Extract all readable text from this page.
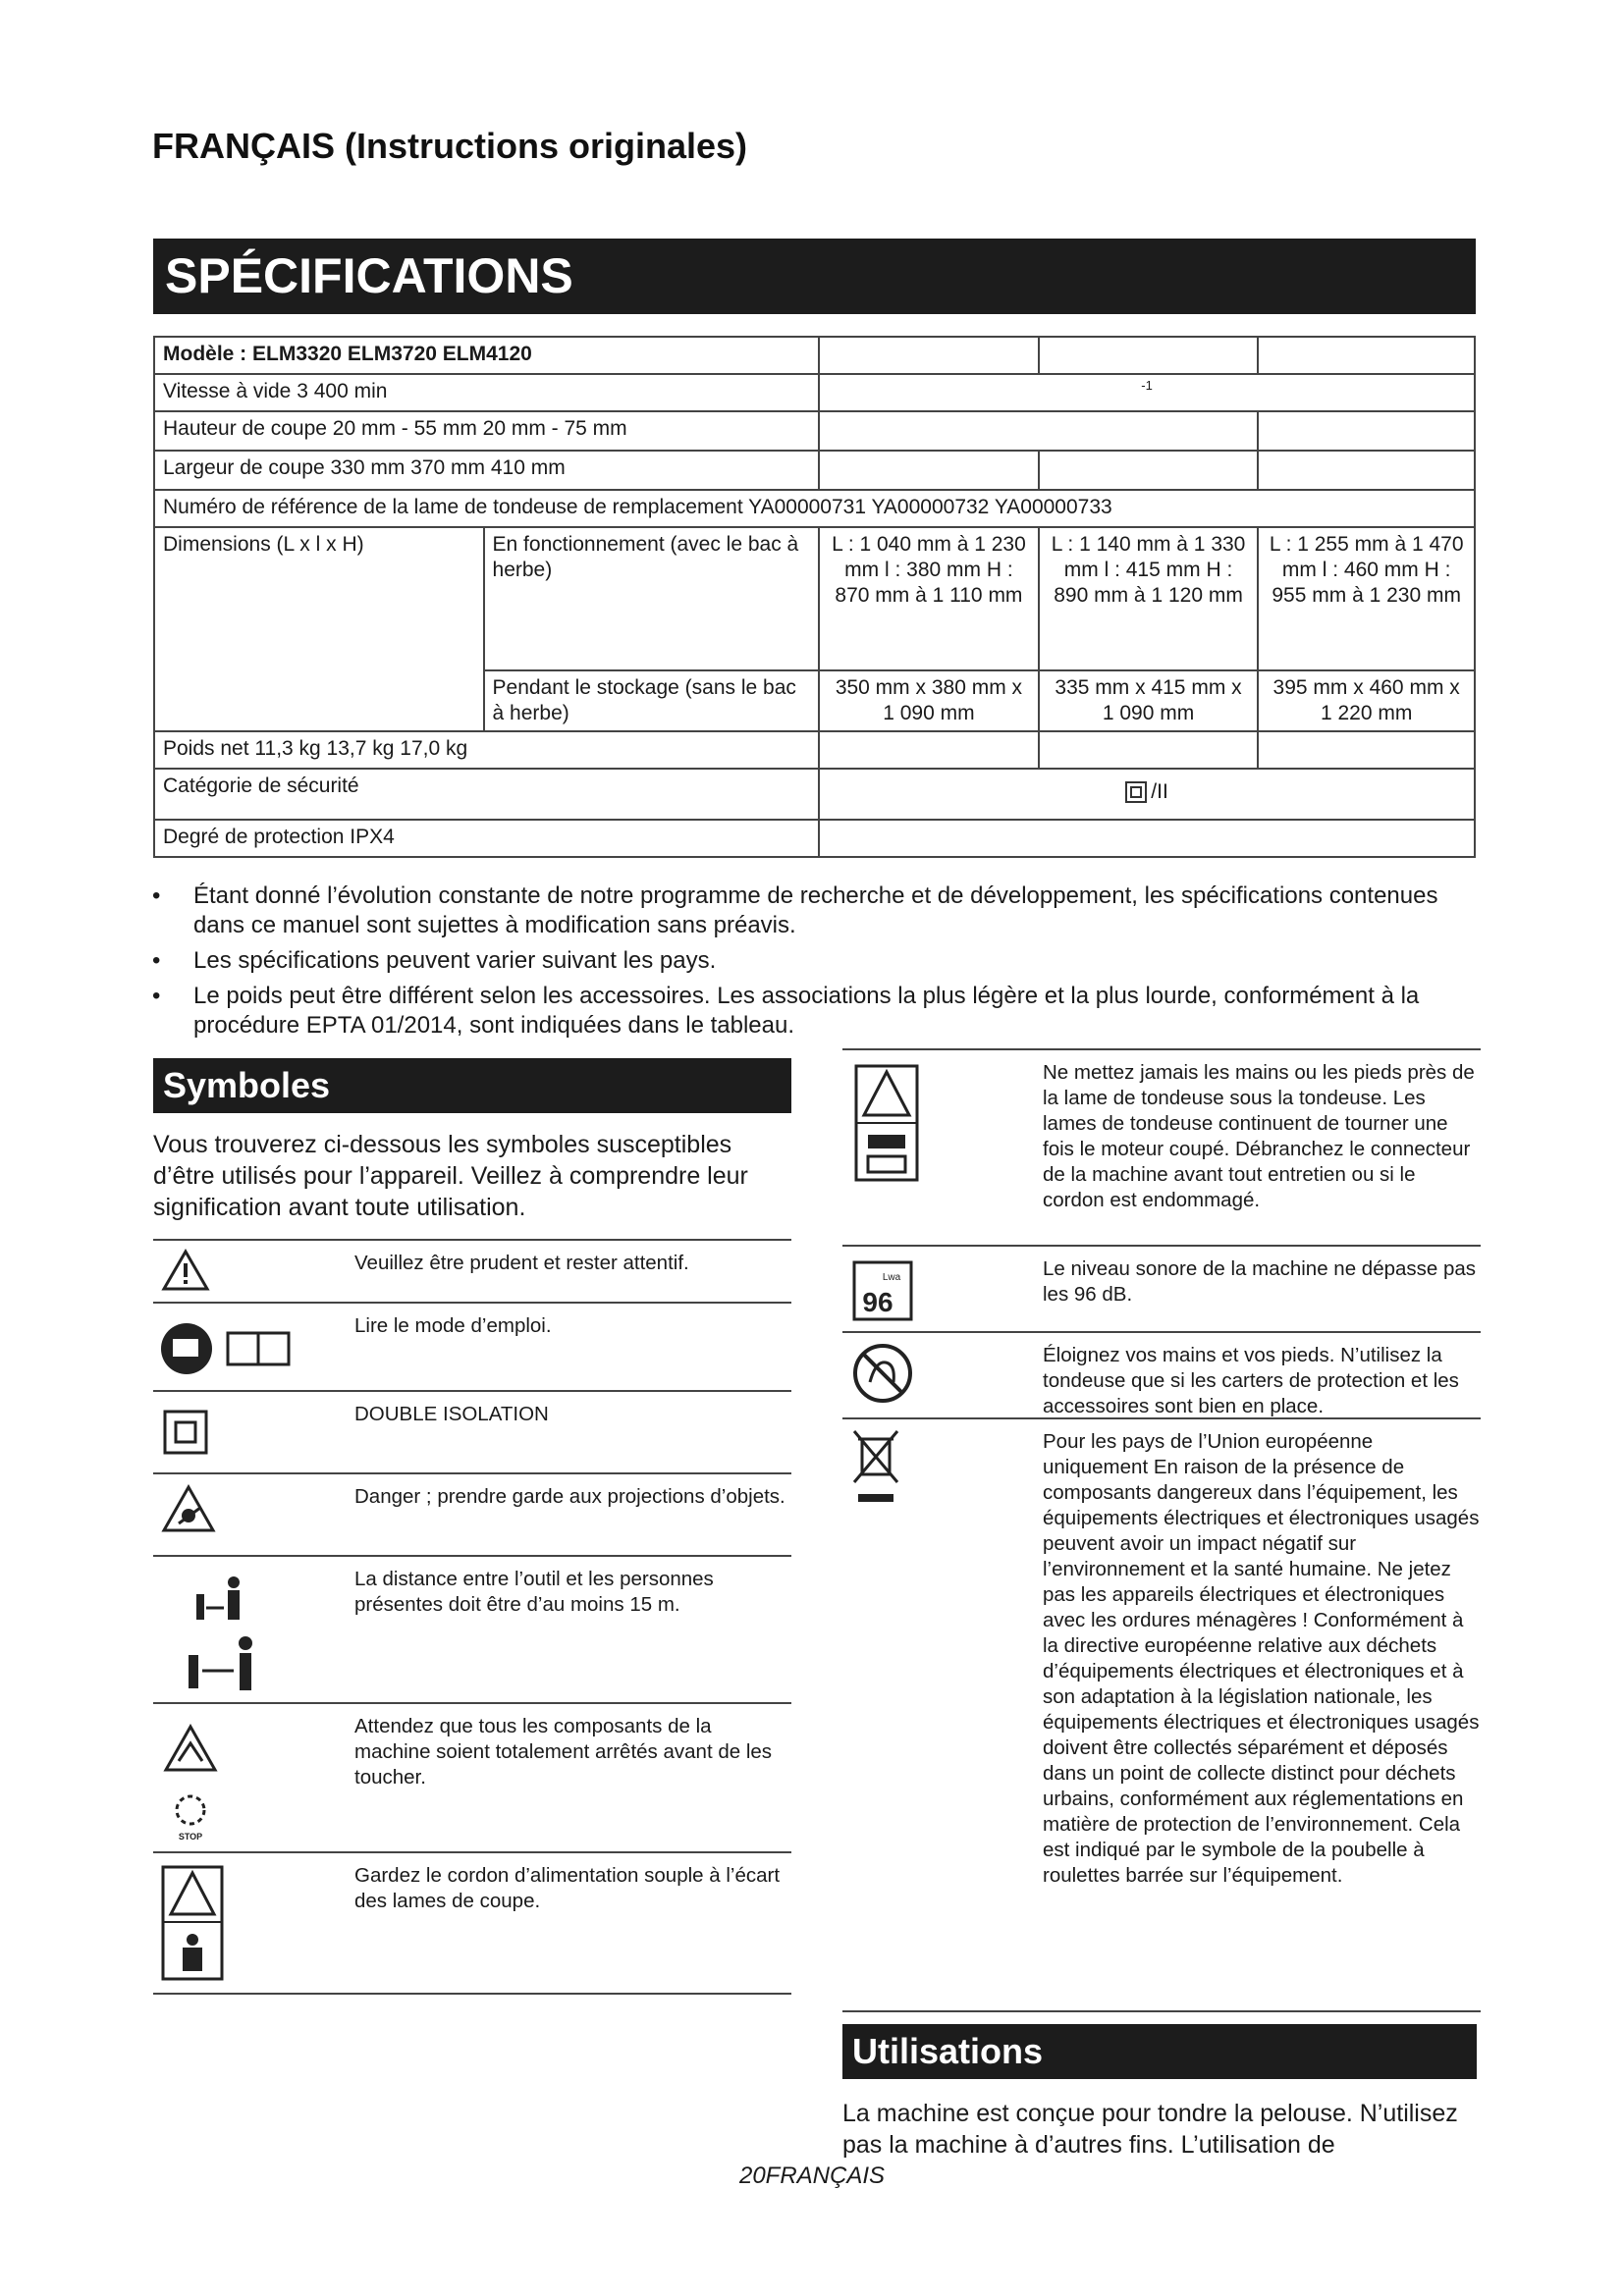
FRANÇAIS (Instructions originales)
SPÉCIFICATIONS
Modèle : ELM3320 ELM3720 ELM4120				
Vitesse à vide 3 400 min		-1		
Hauteur de coupe 20 mm - 55 mm 20 mm - 75 mm				
Largeur de coupe 330 mm 370 mm 410 mm				
Numéro de référence de la lame de tondeuse de remplacement YA00000731 YA00000732 YA00000733				
Dimensions (L x l x H)	En fonctionnement (avec le bac à herbe)	L : 1 040 mm à 1 230 mm l : 380 mm H : 870 mm à 1 110 mm	L : 1 140 mm à 1 330 mm l : 415 mm H : 890 mm à 1 120 mm	L : 1 255 mm à 1 470 mm l : 460 mm H : 955 mm à 1 230 mm
	Pendant le stockage (sans le bac à herbe)	350 mm x 380 mm x 1 090 mm	335 mm x 415 mm x 1 090 mm	395 mm x 460 mm x 1 220 mm
Poids net 11,3 kg 13,7 kg 17,0 kg				
Catégorie de sécurité		/II		

Degré de protection IPX4				
• Étant donné l’évolution constante de notre programme de recherche et de développement, les spécifications contenues dans ce manuel sont sujettes à modification sans préavis.
• Les spécifications peuvent varier suivant les pays.
• Le poids peut être différent selon les accessoires. Les associations la plus légère et la plus lourde, conformément à la procédure EPTA 01/2014, sont indiquées dans le tableau.
Symboles
Vous trouverez ci-dessous les symboles susceptibles d’être utilisés pour l’appareil. Veillez à comprendre leur signification avant toute utilisation.
Veuillez être prudent et rester attentif.
Lire le mode d’emploi.
DOUBLE ISOLATION
Danger ; prendre garde aux projections d’objets.
La distance entre l’outil et les personnes présentes doit être d’au moins 15 m.
STOP
Attendez que tous les composants de la machine soient totalement arrêtés avant de les toucher.
Gardez le cordon d’alimentation souple à l’écart des lames de coupe.
Ne mettez jamais les mains ou les pieds près de la lame de tondeuse sous la tondeuse. Les lames de tondeuse continuent de tourner une fois le moteur coupé. Débranchez le connecteur de la machine avant tout entretien ou si le cordon est endommagé.
Lwa
96
Le niveau sonore de la machine ne dépasse pas les 96 dB.
Éloignez vos mains et vos pieds. N’utilisez la tondeuse que si les carters de protection et les accessoires sont bien en place.
Pour les pays de l’Union européenne uniquement En raison de la présence de composants dangereux dans l’équipement, les équipements électriques et électroniques usagés peuvent avoir un impact négatif sur l’environnement et la santé humaine. Ne jetez pas les appareils électriques et électroniques avec les ordures ménagères ! Conformément à la directive européenne relative aux déchets d’équipements électriques et électroniques et à son adaptation à la législation nationale, les équipements électriques et électroniques usagés doivent être collectés séparément et déposés dans un point de collecte distinct pour déchets urbains, conformément aux réglementations en matière de protection de l’environnement. Cela est indiqué par le symbole de la poubelle à roulettes barrée sur l’équipement.
Utilisations
La machine est conçue pour tondre la pelouse. N’utilisez pas la machine à d’autres fins. L’utilisation de
20FRANÇAIS
